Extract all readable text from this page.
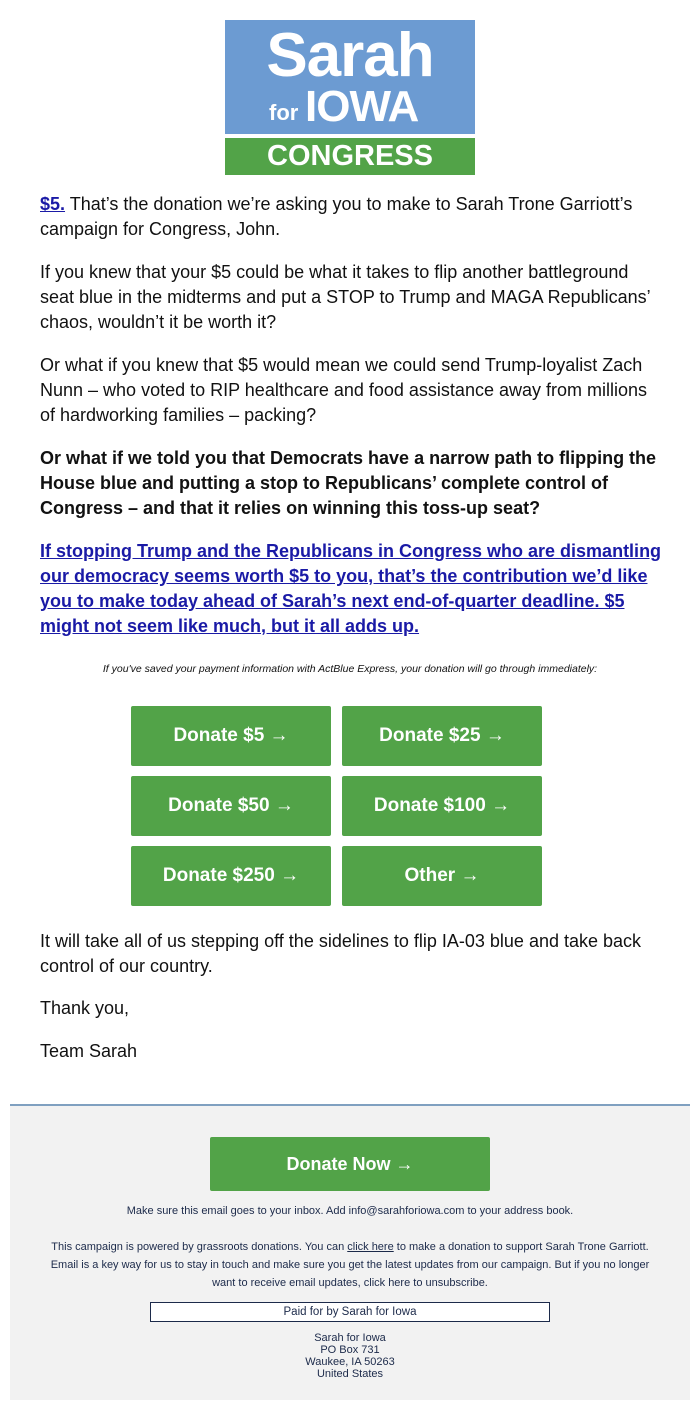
Sarah
for IOWA
CONGRESS
$5. That’s the donation we’re asking you to make to Sarah Trone Garriott’s campaign for Congress, John.
If you knew that your $5 could be what it takes to flip another battleground seat blue in the midterms and put a STOP to Trump and MAGA Republicans’ chaos, wouldn’t it be worth it?
Or what if you knew that $5 would mean we could send Trump-loyalist Zach Nunn – who voted to RIP healthcare and food assistance away from millions of hardworking families – packing?
Or what if we told you that Democrats have a narrow path to flipping the House blue and putting a stop to Republicans’ complete control of Congress – and that it relies on winning this toss-up seat?
If stopping Trump and the Republicans in Congress who are dismantling our democracy seems worth $5 to you, that’s the contribution we’d like you to make today ahead of Sarah’s next end-of-quarter deadline. $5 might not seem like much, but it all adds up.
If you've saved your payment information with ActBlue Express, your donation will go through immediately:
Donate $5 →	Donate $25 →
Donate $50 →	Donate $100 →
Donate $250 →	Other →
It will take all of us stepping off the sidelines to flip IA-03 blue and take back control of our country.
Thank you,
Team Sarah
Donate Now →
Make sure this email goes to your inbox. Add info@sarahforiowa.com to your address book.
This campaign is powered by grassroots donations. You can click here to make a donation to support Sarah Trone Garriott.
Email is a key way for us to stay in touch and make sure you get the latest updates from our campaign. But if you no longer
want to receive email updates, click here to unsubscribe.
Paid for by Sarah for Iowa
Sarah for Iowa
PO Box 731
Waukee, IA 50263
United States
